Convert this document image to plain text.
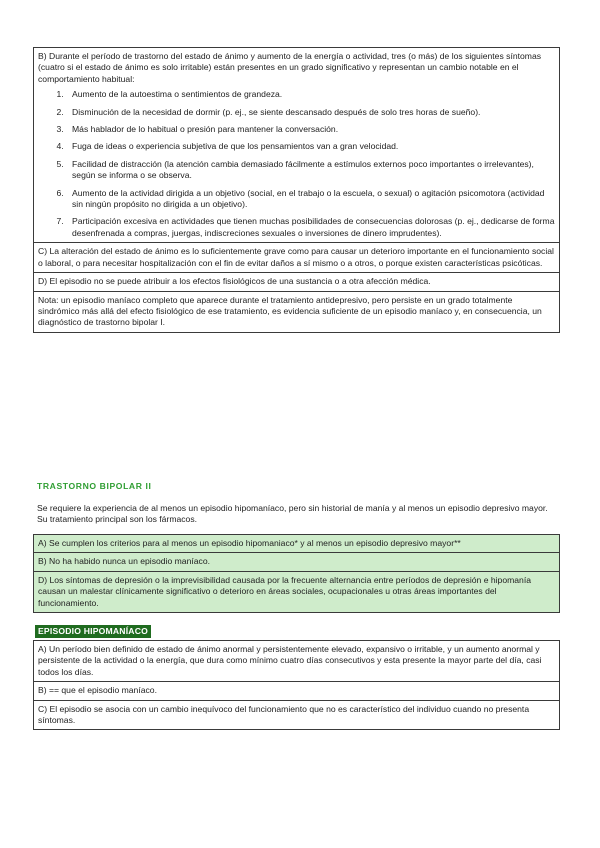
B) Durante el período de trastorno del estado de ánimo y aumento de la energía o actividad, tres (o más) de los siguientes síntomas (cuatro si el estado de ánimo es solo irritable) están presentes en un grado significativo y representan un cambio notable en el comportamiento habitual:
1. Aumento de la autoestima o sentimientos de grandeza.
2. Disminución de la necesidad de dormir (p. ej., se siente descansado después de solo tres horas de sueño).
3. Más hablador de lo habitual o presión para mantener la conversación.
4. Fuga de ideas o experiencia subjetiva de que los pensamientos van a gran velocidad.
5. Facilidad de distracción (la atención cambia demasiado fácilmente a estímulos externos poco importantes o irrelevantes), según se informa o se observa.
6. Aumento de la actividad dirigida a un objetivo (social, en el trabajo o la escuela, o sexual) o agitación psicomotora (actividad sin ningún propósito no dirigida a un objetivo).
7. Participación excesiva en actividades que tienen muchas posibilidades de consecuencias dolorosas (p. ej., dedicarse de forma desenfrenada a compras, juergas, indiscreciones sexuales o inversiones de dinero imprudentes).
C) La alteración del estado de ánimo es lo suficientemente grave como para causar un deterioro importante en el funcionamiento social o laboral, o para necesitar hospitalización con el fin de evitar daños a sí mismo o a otros, o porque existen características psicóticas.
D) El episodio no se puede atribuir a los efectos fisiológicos de una sustancia o a otra afección médica.
Nota: un episodio maníaco completo que aparece durante el tratamiento antidepresivo, pero persiste en un grado totalmente sindrómico más allá del efecto fisiológico de ese tratamiento, es evidencia suficiente de un episodio maníaco y, en consecuencia, un diagnóstico de trastorno bipolar I.
TRASTORNO BIPOLAR II
Se requiere la experiencia de al menos un episodio hipomaníaco, pero sin historial de manía y al menos un episodio depresivo mayor. Su tratamiento principal son los fármacos.
A) Se cumplen los criterios para al menos un episodio hipomaniaco* y al menos un episodio depresivo mayor**
B) No ha habido nunca un episodio maníaco.
D) Los síntomas de depresión o la imprevisibilidad causada por la frecuente alternancia entre períodos de depresión e hipomanía causan un malestar clínicamente significativo o deterioro en áreas sociales, ocupacionales u otras áreas importantes del funcionamiento.
EPISODIO HIPOMANÍACO
A) Un período bien definido de estado de ánimo anormal y persistentemente elevado, expansivo o irritable, y un aumento anormal y persistente de la actividad o la energía, que dura como mínimo cuatro días consecutivos y esta presente la mayor parte del día, casi todos los días.
B) == que el episodio maníaco.
C) El episodio se asocia con un cambio inequívoco del funcionamiento que no es característico del individuo cuando no presenta síntomas.
